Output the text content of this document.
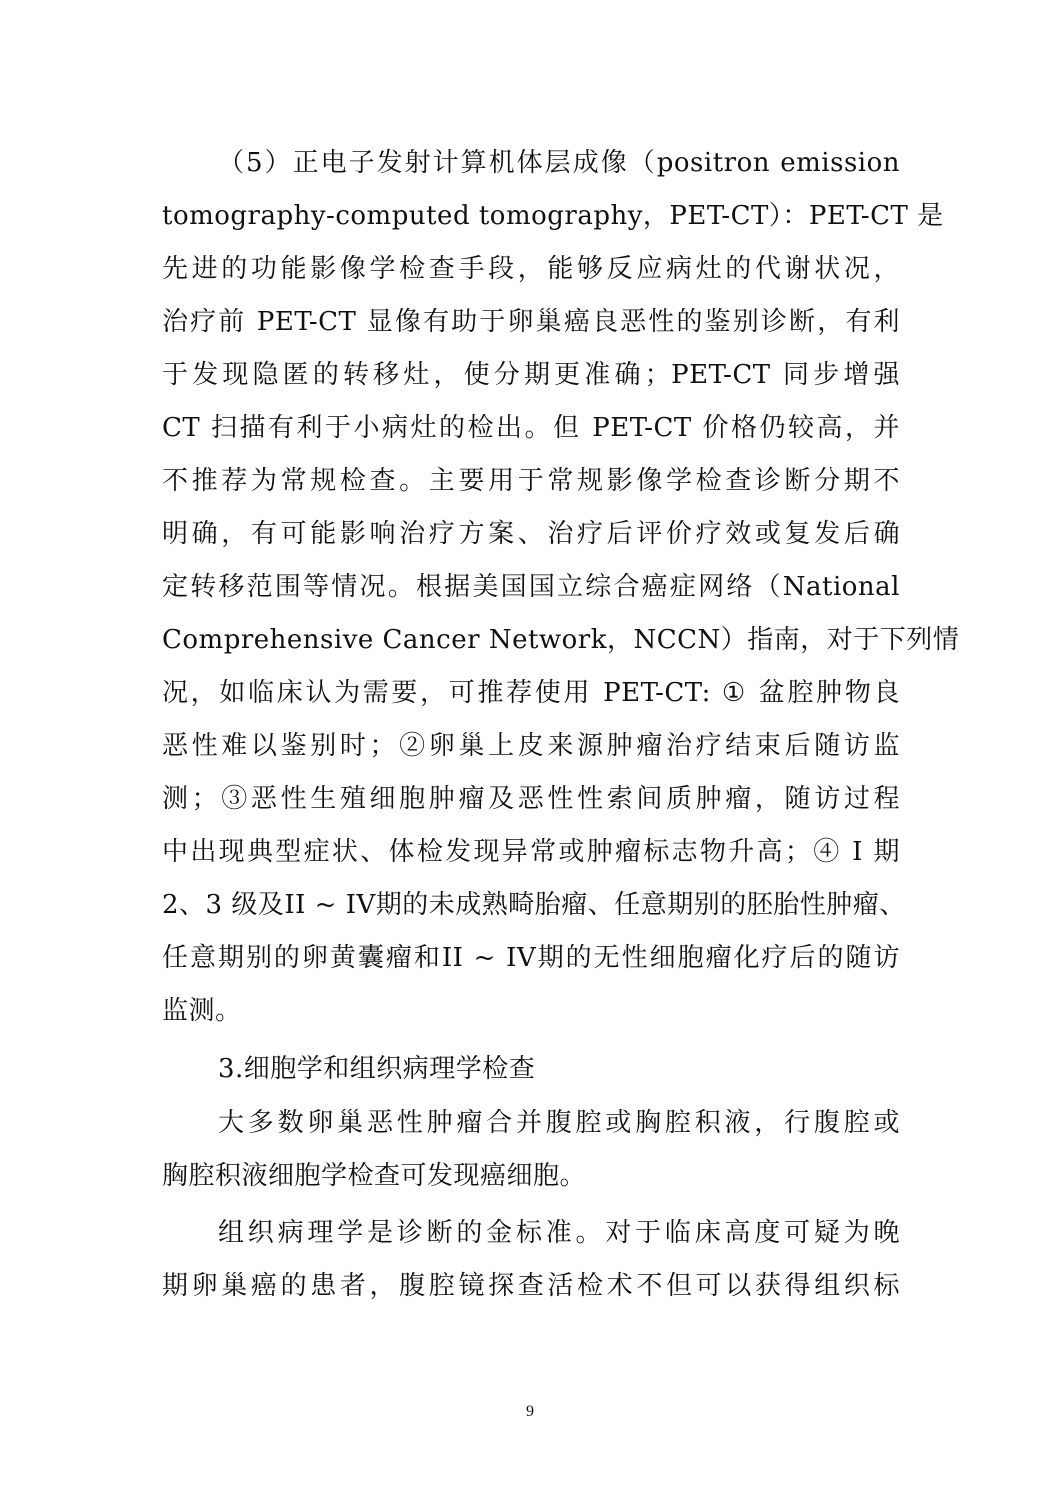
（5）正电子发射计算机体层成像（positron emission
tomography-computed tomography，PET-CT）：PET-CT 是
先进的功能影像学检查手段，能够反应病灶的代谢状况，
治疗前 PET-CT 显像有助于卵巢癌良恶性的鉴别诊断，有利
于发现隐匿的转移灶，使分期更准确；PET-CT 同步增强
CT 扫描有利于小病灶的检出。但 PET-CT 价格仍较高，并
不推荐为常规检查。主要用于常规影像学检查诊断分期不
明确，有可能影响治疗方案、治疗后评价疗效或复发后确
定转移范围等情况。根据美国国立综合癌症网络（National
Comprehensive Cancer Network，NCCN）指南，对于下列情
况，如临床认为需要，可推荐使用 PET-CT: ① 盆腔肿物良
恶性难以鉴别时；②卵巢上皮来源肿瘤治疗结束后随访监
测；③恶性生殖细胞肿瘤及恶性性索间质肿瘤，随访过程
中出现典型症状、体检发现异常或肿瘤标志物升高；④ I 期
2、3 级及II ~ IV期的未成熟畸胎瘤、任意期别的胚胎性肿瘤、
任意期别的卵黄囊瘤和II ~ IV期的无性细胞瘤化疗后的随访
监测。
3.细胞学和组织病理学检查
大多数卵巢恶性肿瘤合并腹腔或胸腔积液，行腹腔或
胸腔积液细胞学检查可发现癌细胞。
组织病理学是诊断的金标准。对于临床高度可疑为晚
期卵巢癌的患者，腹腔镜探查活检术不但可以获得组织标
9
